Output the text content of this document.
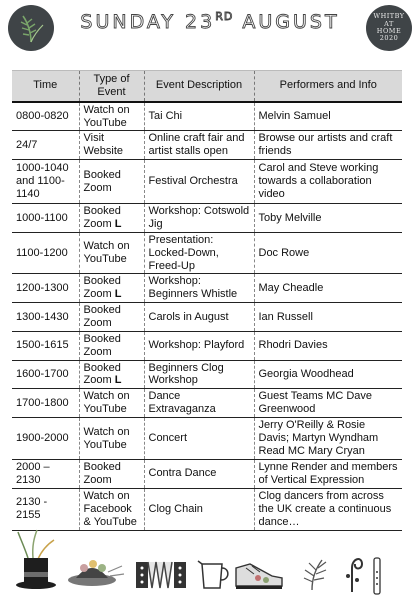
SUNDAY 23RD AUGUST	WHITBY
AT
HOME
2020
Time	Type of Event	Event Description	Performers and Info
0800-0820	Watch on YouTube	Tai Chi	Melvin Samuel
24/7	Visit Website	Online craft fair and artist stalls open	Browse our artists and craft friends
1000-1040 and 1100-1140	Booked Zoom	Festival Orchestra	Carol and Steve working towards a collaboration video
1000-1100	Booked Zoom L	Workshop: Cotswold Jig	Toby Melville
1100-1200	Watch on YouTube	Presentation: Locked-Down, Freed-Up	Doc Rowe
1200-1300	Booked Zoom L	Workshop: Beginners Whistle	May Cheadle
1300-1430	Booked Zoom	Carols in August	Ian Russell
1500-1615	Booked Zoom	Workshop: Playford	Rhodri Davies
1600-1700	Booked Zoom L	Beginners Clog Workshop	Georgia Woodhead
1700-1800	Watch on YouTube	Dance Extravaganza	Guest Teams MC Dave Greenwood
1900-2000	Watch on YouTube	Concert	Jerry O'Reilly & Rosie Davis; Martyn Wyndham Read MC Mary Cryan
2000 – 2130	Booked Zoom	Contra Dance	Lynne Render and members of Vertical Expression
2130 - 2155	Watch on Facebook & YouTube	Clog Chain	Clog dancers from across the UK create a continuous dance…
